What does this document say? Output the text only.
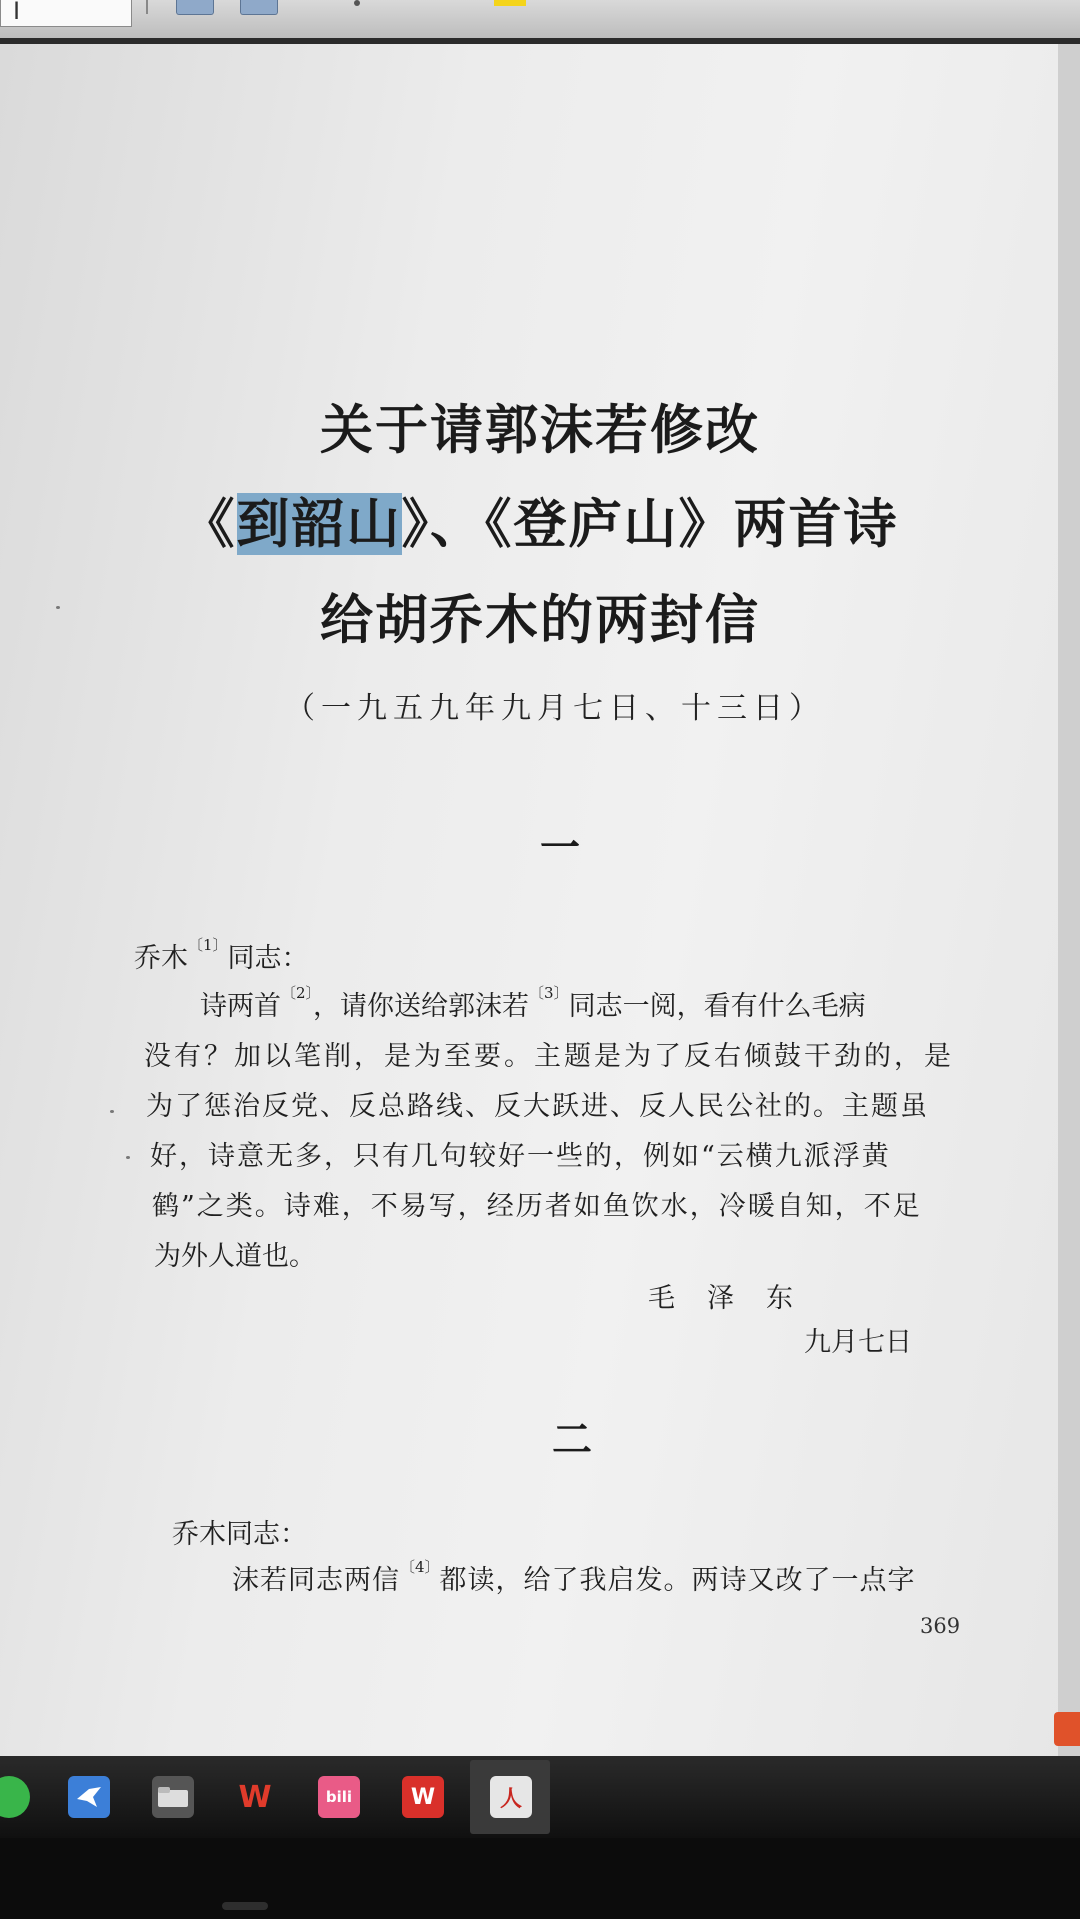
I
关于请郭沫若修改
《到韶山》、《登庐山》两首诗
给胡乔木的两封信
（一九五九年九月七日、十三日）
一
乔木$^{〔1〕}$同志：
诗两首$^{〔2〕}$，请你送给郭沫若$^{〔3〕}$同志一阅，看有什么毛病
没有？加以笔削，是为至要。主题是为了反右倾鼓干劲的，是
为了惩治反党、反总路线、反大跃进、反人民公社的。主题虽
好，诗意无多，只有几句较好一些的，例如“云横九派浮黄
鹤”之类。诗难，不易写，经历者如鱼饮水，冷暖自知，不足
为外人道也。
毛泽东
九月七日
二
乔木同志：
沫若同志两信$^{〔4〕}$都读，给了我启发。两诗又改了一点字
369
W	bili	W	人
